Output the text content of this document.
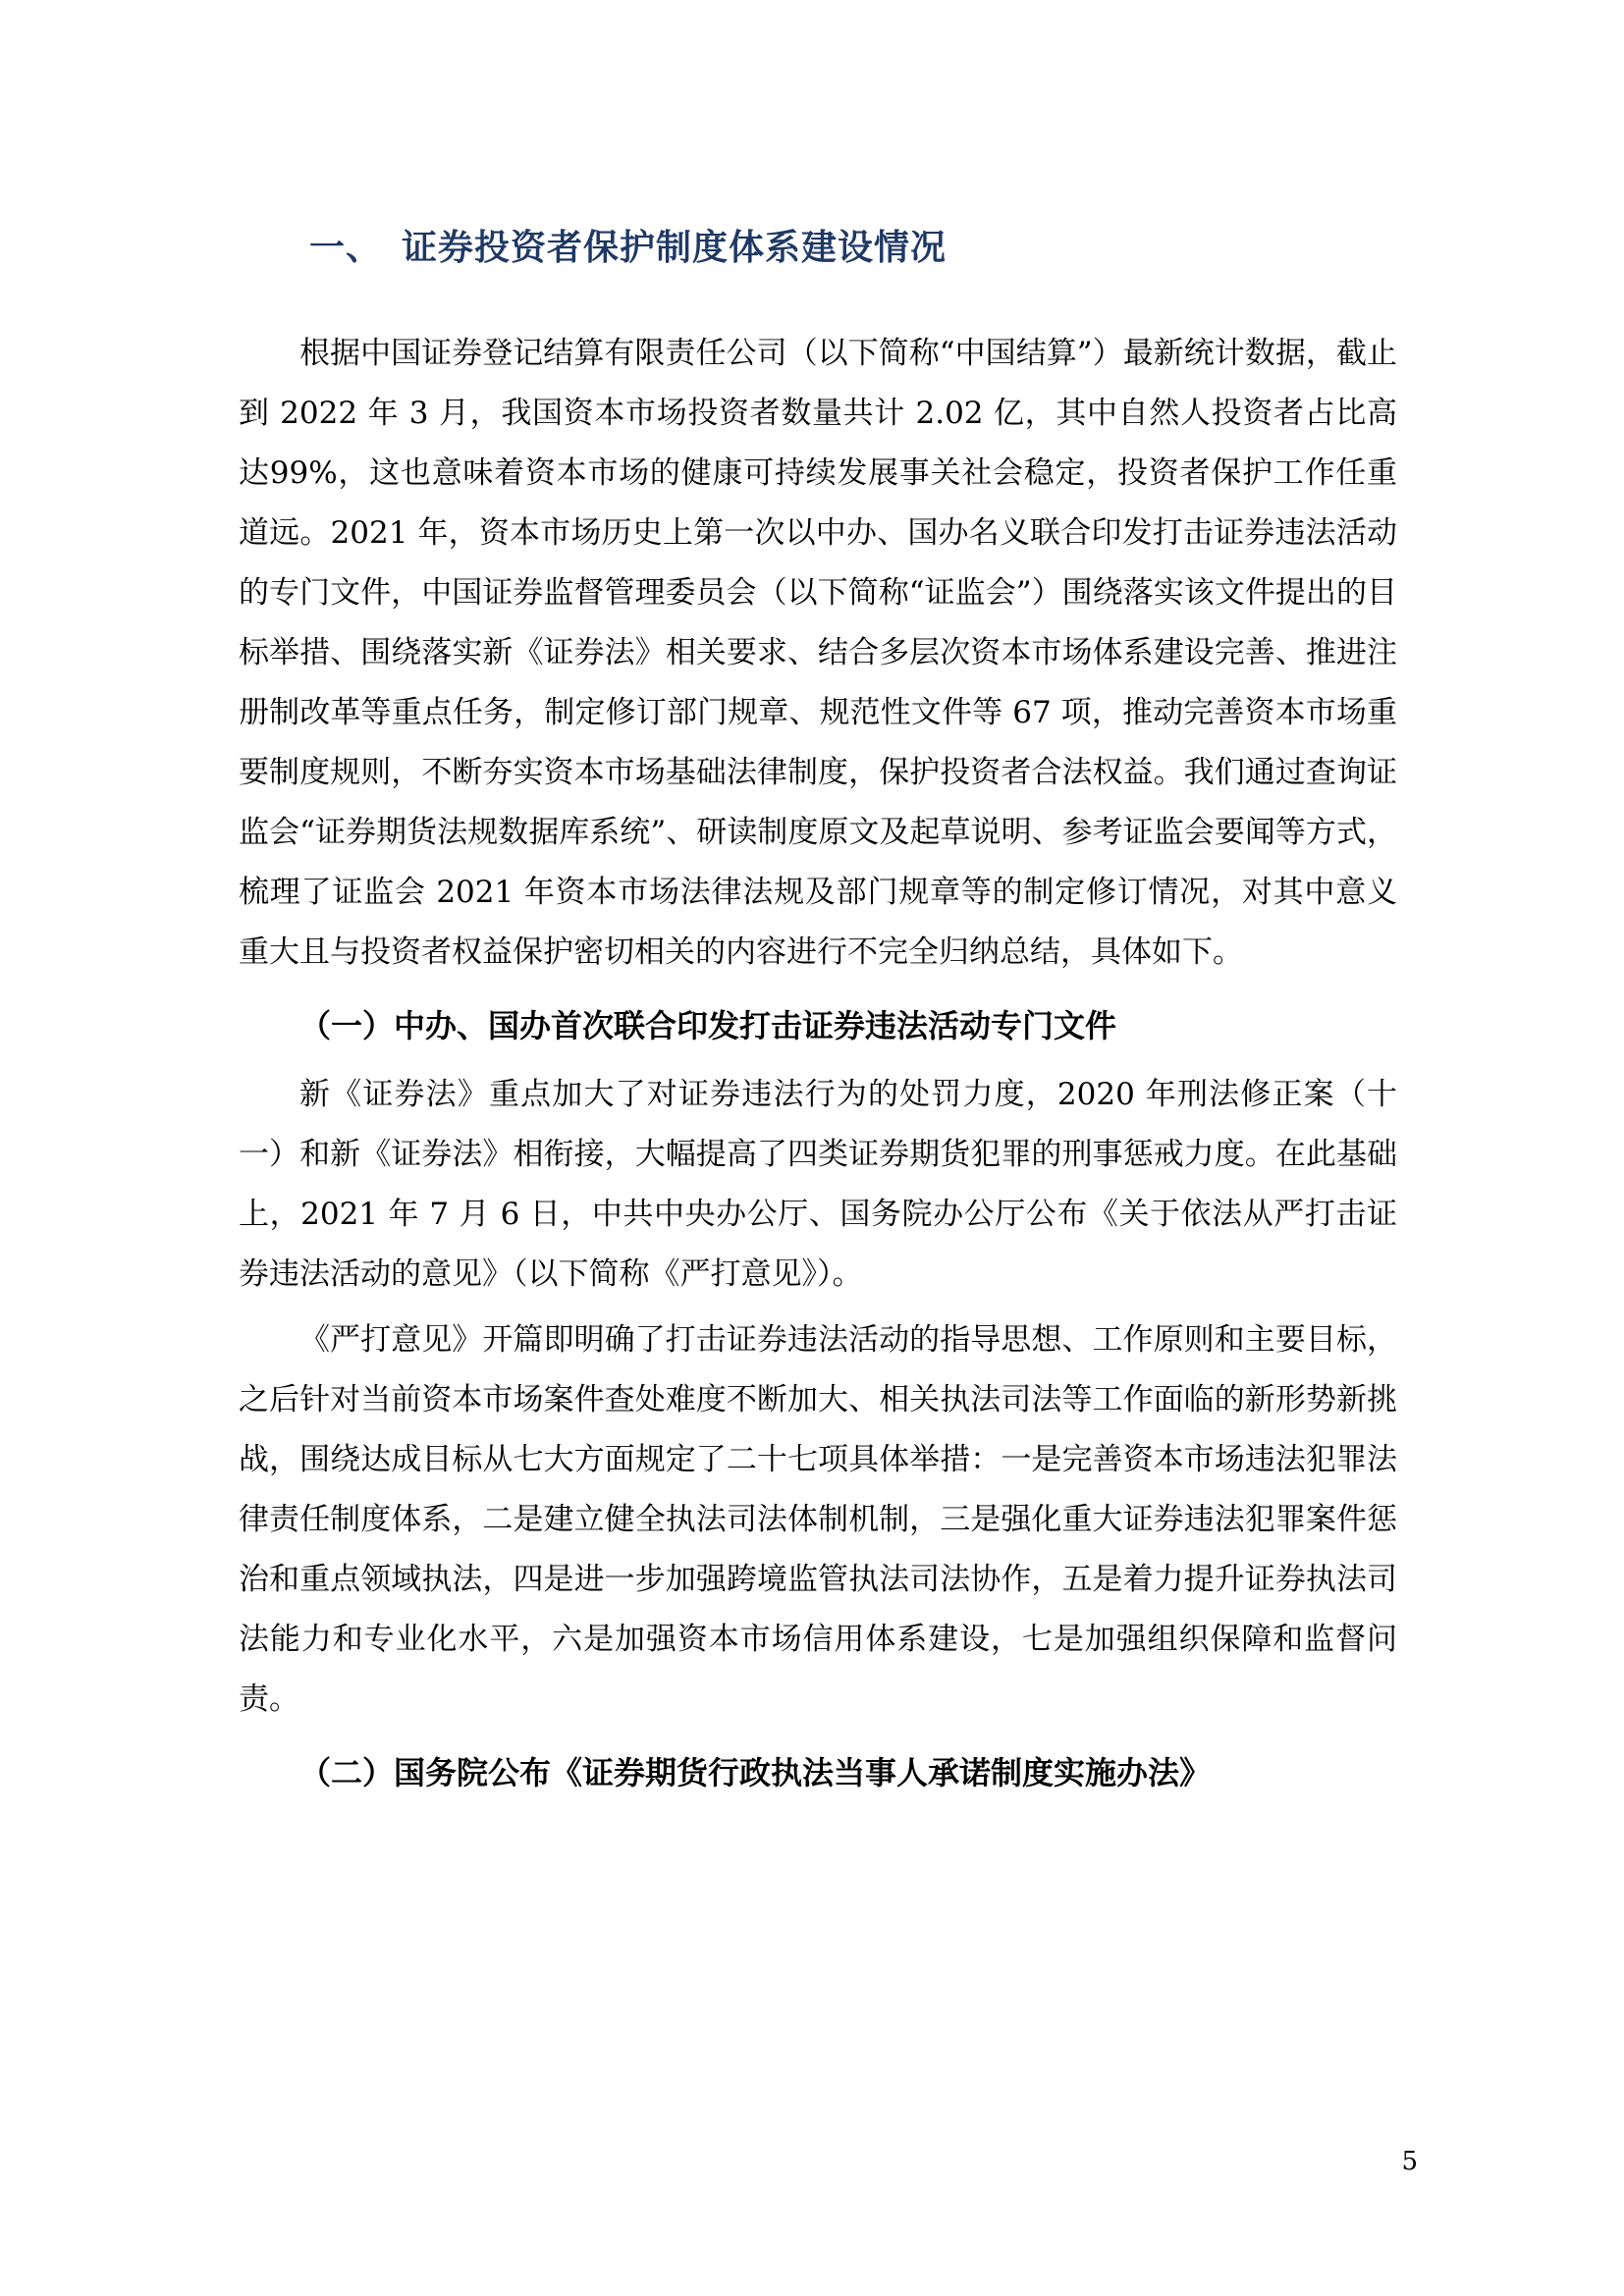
一、 证券投资者保护制度体系建设情况

根据中国证券登记结算有限责任公司（以下简称“中国结算”）最新统计数据，截止到 2022 年 3 月，我国资本市场投资者数量共计 2.02 亿，其中自然人投资者占比高达99%，这也意味着资本市场的健康可持续发展事关社会稳定，投资者保护工作任重道远。2021 年，资本市场历史上第一次以中办、国办名义联合印发打击证券违法活动的专门文件，中国证券监督管理委员会（以下简称“证监会”）围绕落实该文件提出的目标举措、围绕落实新《证券法》相关要求、结合多层次资本市场体系建设完善、推进注册制改革等重点任务，制定修订部门规章、规范性文件等 67 项，推动完善资本市场重要制度规则，不断夯实资本市场基础法律制度，保护投资者合法权益。我们通过查询证监会“证券期货法规数据库系统”、研读制度原文及起草说明、参考证监会要闻等方式，梳理了证监会 2021 年资本市场法律法规及部门规章等的制定修订情况，对其中意义重大且与投资者权益保护密切相关的内容进行不完全归纳总结，具体如下。

（一）中办、国办首次联合印发打击证券违法活动专门文件

新《证券法》重点加大了对证券违法行为的处罚力度，2020 年刑法修正案（十一）和新《证券法》相衔接，大幅提高了四类证券期货犯罪的刑事惩戒力度。在此基础上，2021 年 7 月 6 日，中共中央办公厅、国务院办公厅公布《关于依法从严打击证券违法活动的意见》（以下简称《严打意见》）。

《严打意见》开篇即明确了打击证券违法活动的指导思想、工作原则和主要目标，之后针对当前资本市场案件查处难度不断加大、相关执法司法等工作面临的新形势新挑战，围绕达成目标从七大方面规定了二十七项具体举措：一是完善资本市场违法犯罪法律责任制度体系，二是建立健全执法司法体制机制，三是强化重大证券违法犯罪案件惩治和重点领域执法，四是进一步加强跨境监管执法司法协作，五是着力提升证券执法司法能力和专业化水平，六是加强资本市场信用体系建设，七是加强组织保障和监督问责。

（二）国务院公布《证券期货行政执法当事人承诺制度实施办法》
5
